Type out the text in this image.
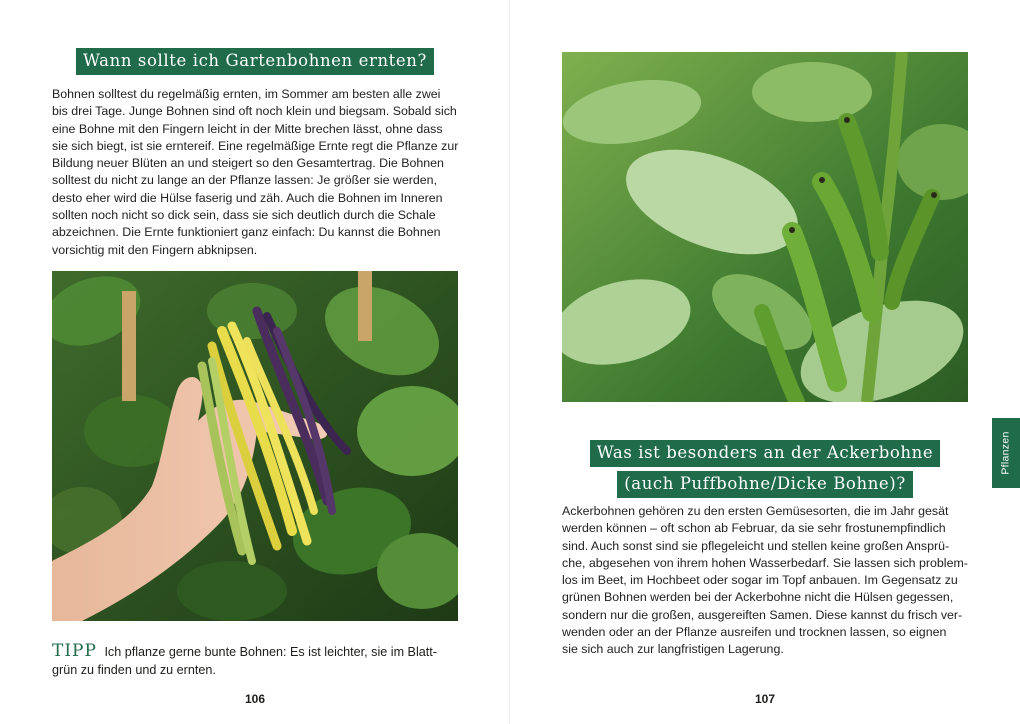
Wann sollte ich Gartenbohnen ernten?
Bohnen solltest du regelmäßig ernten, im Sommer am besten alle zwei
bis drei Tage. Junge Bohnen sind oft noch klein und biegsam. Sobald sich
eine Bohne mit den Fingern leicht in der Mitte brechen lässt, ohne dass
sie sich biegt, ist sie erntereif. Eine regelmäßige Ernte regt die Pflanze zur
Bildung neuer Blüten an und steigert so den Gesamtertrag. Die Bohnen
solltest du nicht zu lange an der Pflanze lassen: Je größer sie werden,
desto eher wird die Hülse faserig und zäh. Auch die Bohnen im Inneren
sollten noch nicht so dick sein, dass sie sich deutlich durch die Schale
abzeichnen. Die Ernte funktioniert ganz einfach: Du kannst die Bohnen
vorsichtig mit den Fingern abknipsen.
TIPP Ich pflanze gerne bunte Bohnen: Es ist leichter, sie im Blatt-
grün zu finden und zu ernten.
106
Was ist besonders an der Ackerbohne
(auch Puffbohne/Dicke Bohne)?
Ackerbohnen gehören zu den ersten Gemüsesorten, die im Jahr gesät
werden können – oft schon ab Februar, da sie sehr frostunempfindlich
sind. Auch sonst sind sie pflegeleicht und stellen keine großen Ansprü-
che, abgesehen von ihrem hohen Wasserbedarf. Sie lassen sich problem-
los im Beet, im Hochbeet oder sogar im Topf anbauen. Im Gegensatz zu
grünen Bohnen werden bei der Ackerbohne nicht die Hülsen gegessen,
sondern nur die großen, ausgereiften Samen. Diese kannst du frisch ver-
wenden oder an der Pflanze ausreifen und trocknen lassen, so eignen
sie sich auch zur langfristigen Lagerung.
107
Pflanzen
